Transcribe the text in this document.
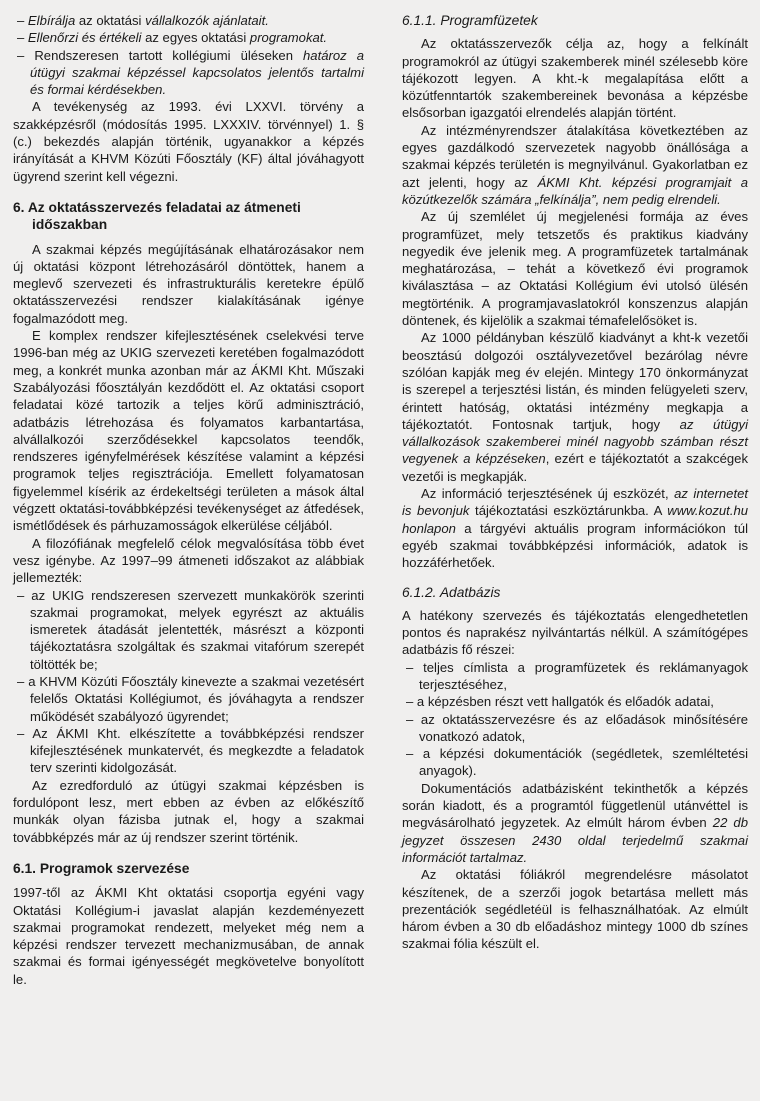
– Elbírálja az oktatási vállalkozók ajánlatait.
– Ellenőrzi és értékeli az egyes oktatási programokat.
– Rendszeresen tartott kollégiumi üléseken határoz a útügyi szakmai képzéssel kapcsolatos jelentős tartalmi és formai kérdésekben.

A tevékenység az 1993. évi LXXVI. törvény a szakképzésről (módosítás 1995. LXXXIV. törvénnyel) 1. § (c.) bekezdés alapján történik, ugyanakkor a képzés irányítását a KHVM Közúti Főosztály (KF) által jóváhagyott ügyrend szerint kell végezni.

6. Az oktatásszervezés feladatai az átmeneti
időszakban

A szakmai képzés megújításának elhatározásakor nem új oktatási központ létrehozásáról döntöttek, hanem a meglevő szervezeti és infrastrukturális keretekre épülő oktatásszervezési rendszer kialakításának igénye fogalmazódott meg.

E komplex rendszer kifejlesztésének cselekvési terve 1996-ban még az UKIG szervezeti keretében fogalmazódott meg, a konkrét munka azonban már az ÁKMI Kht. Műszaki Szabályozási főosztályán kezdődött el. Az oktatási csoport feladatai közé tartozik a teljes körű adminisztráció, adatbázis létrehozása és folyamatos karbantartása, alvállalkozói szerződésekkel kapcsolatos teendők, rendszeres igényfelmérések készítése valamint a képzési programok teljes regisztrációja. Emellett folyamatosan figyelemmel kísérik az érdekeltségi területen a mások által végzett oktatási-továbbképzési tevékenységet az átfedések, ismétlődések és párhuzamosságok elkerülése céljából.

A filozófiának megfelelő célok megvalósítása több évet vesz igénybe. Az 1997–99 átmeneti időszakot az alábbiak jellemezték:

– az UKIG rendszeresen szervezett munkakörök szerinti szakmai programokat, melyek egyrészt az aktuális ismeretek átadását jelentették, másrészt a központi tájékoztatásra szolgáltak és szakmai vitafórum szerepét töltötték be;
– a KHVM Közúti Főosztály kinevezte a szakmai vezetésért felelős Oktatási Kollégiumot, és jóváhagyta a rendszer működését szabályozó ügyrendet;
– Az ÁKMI Kht. elkészítette a továbbképzési rendszer kifejlesztésének munkatervét, és megkezdte a feladatok terv szerinti kidolgozását.

Az ezredforduló az útügyi szakmai képzésben is fordulópont lesz, mert ebben az évben az előkészítő munkák olyan fázisba jutnak el, hogy a szakmai továbbképzés már az új rendszer szerint történik.

6.1. Programok szervezése

1997-től az ÁKMI Kht oktatási csoportja egyéni vagy Oktatási Kollégium-i javaslat alapján kezdeményezett szakmai programokat rendezett, melyeket még nem a képzési rendszer tervezett mechanizmusában, de annak szakmai és formai igényességét megkövetelve bonyolított le.

6.1.1. Programfüzetek

Az oktatásszervezők célja az, hogy a felkínált programokról az útügyi szakemberek minél szélesebb köre tájékozott legyen. A kht.-k megalapítása előtt a közútfenntartók szakembereinek bevonása a képzésbe elsősorban igazgatói elrendelés alapján történt.

Az intézményrendszer átalakítása következtében az egyes gazdálkodó szervezetek nagyobb önállósága a szakmai képzés területén is megnyilvánul. Gyakorlatban ez azt jelenti, hogy az ÁKMI Kht. képzési programjait a közútkezelők számára „felkínálja”, nem pedig elrendeli.

Az új szemlélet új megjelenési formája az éves programfüzet, mely tetszetős és praktikus kiadvány negyedik éve jelenik meg. A programfüzetek tartalmának meghatározása, – tehát a következő évi programok kiválasztása – az Oktatási Kollégium évi utolsó ülésén megtörténik. A programjavaslatokról konszenzus alapján döntenek, és kijelölik a szakmai témafelelősöket is.

Az 1000 példányban készülő kiadványt a kht-k vezetői beosztású dolgozói osztályvezetővel bezárólag névre szólóan kapják meg év elején. Mintegy 170 önkormányzat is szerepel a terjesztési listán, és minden felügyeleti szerv, érintett hatóság, oktatási intézmény megkapja a tájékoztatót. Fontosnak tartjuk, hogy az útügyi vállalkozások szakemberei minél nagyobb számban részt vegyenek a képzéseken, ezért e tájékoztatót a szakcégek vezetői is megkapják.

Az információ terjesztésének új eszközét, az internetet is bevonjuk tájékoztatási eszköztárunkba. A www.kozut.hu honlapon a tárgyévi aktuális program információkon túl egyéb szakmai továbbképzési információk, adatok is hozzáférhetőek.

6.1.2. Adatbázis

A hatékony szervezés és tájékoztatás elengedhetetlen pontos és naprakész nyilvántartás nélkül. A számítógépes adatbázis fő részei:

– teljes címlista a programfüzetek és reklámanyagok terjesztéséhez,
– a képzésben részt vett hallgatók és előadók adatai,
– az oktatásszervezésre és az előadások minősítésére vonatkozó adatok,
– a képzési dokumentációk (segédletek, szemléltetési anyagok).

Dokumentációs adatbázisként tekinthetők a képzés során kiadott, és a programtól függetlenül utánvéttel is megvásárolható jegyzetek. Az elmúlt három évben 22 db jegyzet összesen 2430 oldal terjedelmű szakmai információt tartalmaz.

Az oktatási fóliákról megrendelésre másolatot készítenek, de a szerzői jogok betartása mellett más prezentációk segédletéül is felhasználhatóak. Az elmúlt három évben a 30 db előadáshoz mintegy 1000 db színes szakmai fólia készült el.
